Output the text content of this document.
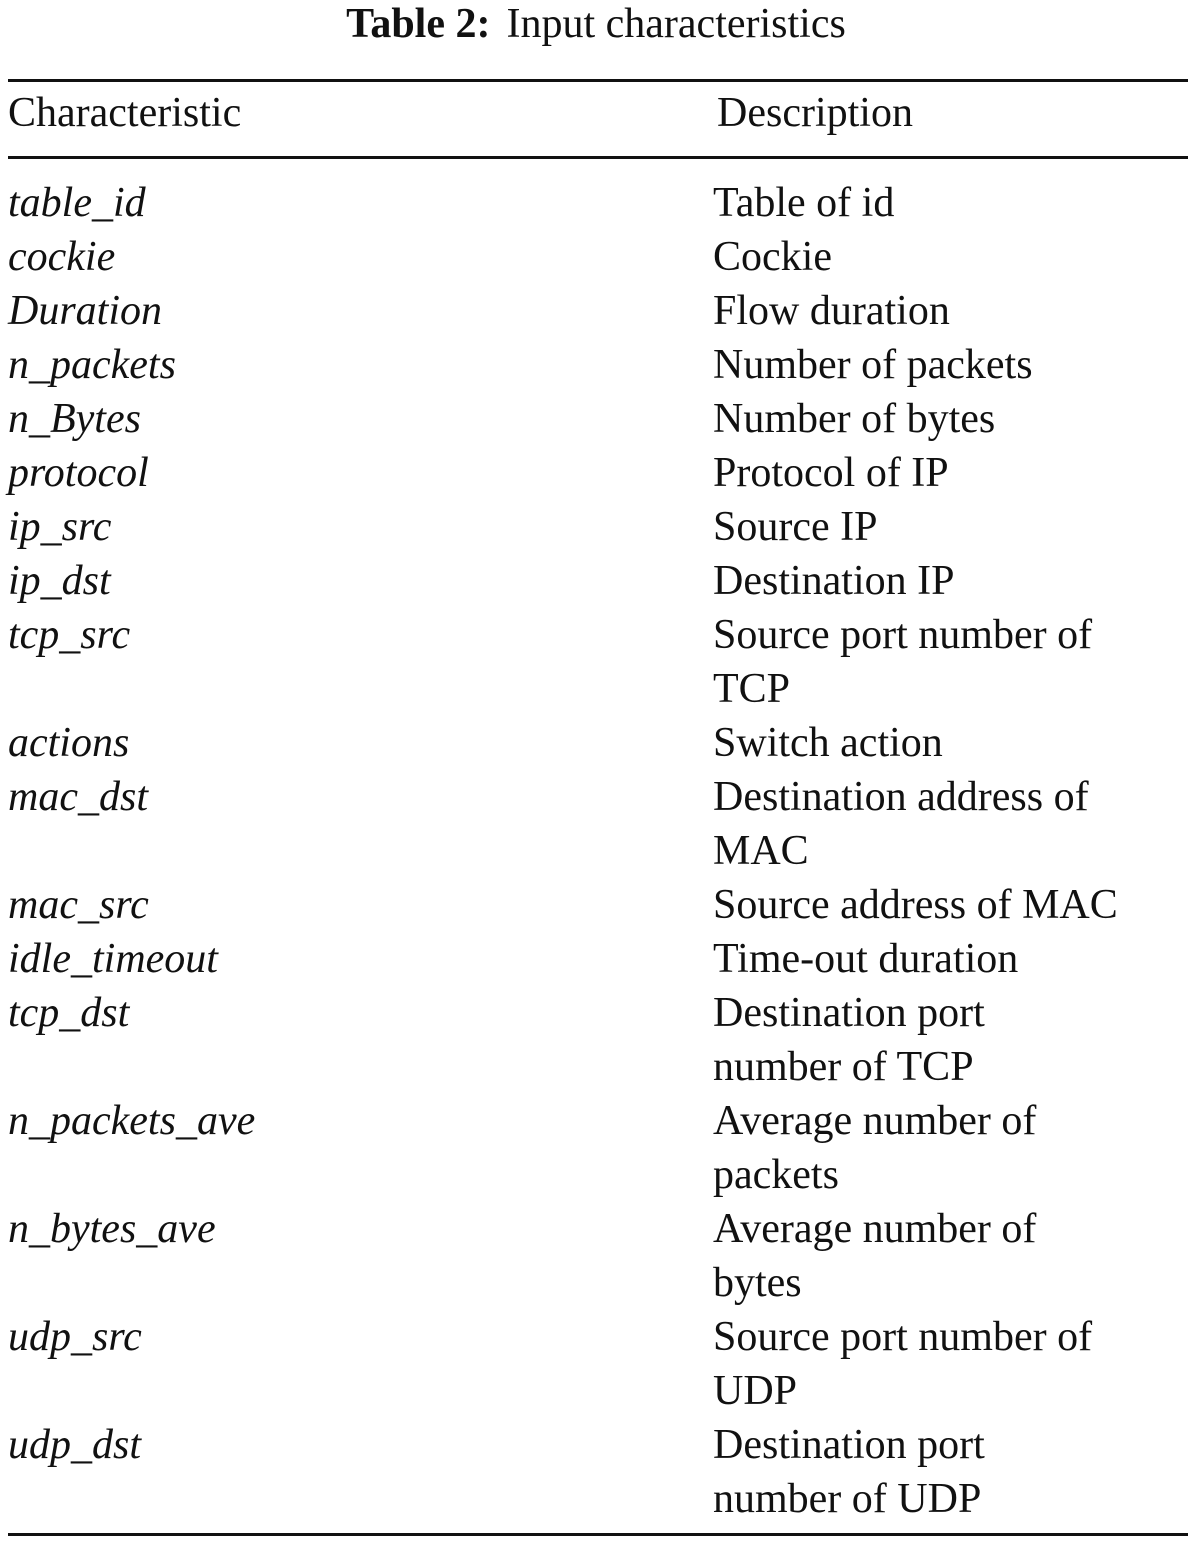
Table 2: Input characteristics
Characteristic	Description
table_id	Table of id
cockie	Cockie
Duration	Flow duration
n_packets	Number of packets
n_Bytes	Number of bytes
protocol	Protocol of IP
ip_src	Source IP
ip_dst	Destination IP
tcp_src	Source port number of
TCP
actions	Switch action
mac_dst	Destination address of
MAC
mac_src	Source address of MAC
idle_timeout	Time-out duration
tcp_dst	Destination port
number of TCP
n_packets_ave	Average number of
packets
n_bytes_ave	Average number of
bytes
udp_src	Source port number of
UDP
udp_dst	Destination port
number of UDP
